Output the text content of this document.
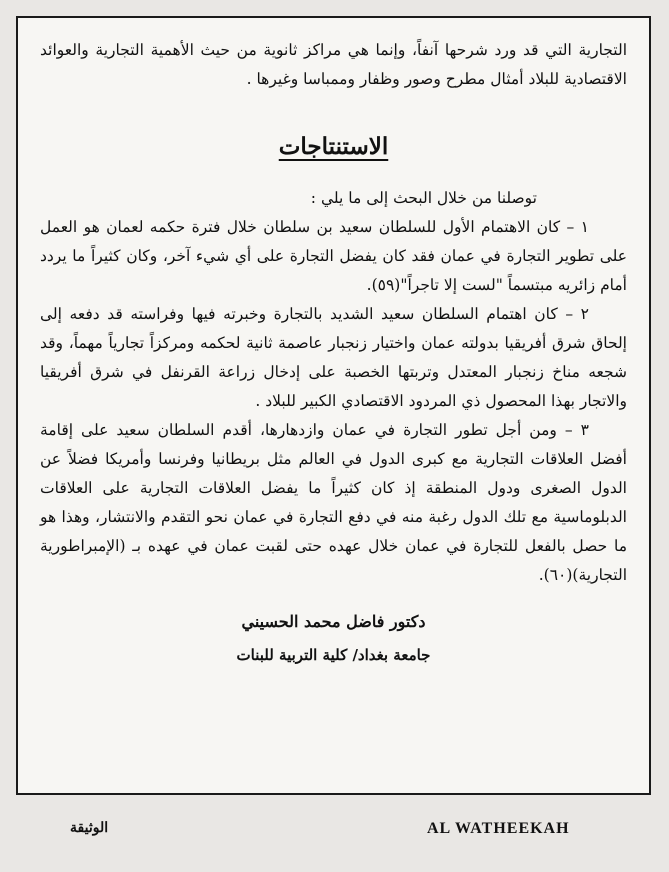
التجارية التي قد ورد شرحها آنفاً، وإنما هي مراكز ثانوية من حيث الأهمية التجارية والعوائد الاقتصادية للبلاد أمثال مطرح وصور وظفار وممباسا وغيرها .

الاستنتاجات

توصلنا من خلال البحث إلى ما يلي :

١ – كان الاهتمام الأول للسلطان سعيد بن سلطان خلال فترة حكمه لعمان هو العمل على تطوير التجارة في عمان فقد كان يفضل التجارة على أي شيء آخر، وكان كثيراً ما يردد أمام زائريه مبتسماً "لست إلا تاجراً"(٥٩).

٢ – كان اهتمام السلطان سعيد الشديد بالتجارة وخبرته فيها وفراسته قد دفعه إلى إلحاق شرق أفريقيا بدولته عمان واختيار زنجبار عاصمة ثانية لحكمه ومركزاً تجارياً مهماً، وقد شجعه مناخ زنجبار المعتدل وتربتها الخصبة على إدخال زراعة القرنفل في شرق أفريقيا والاتجار بهذا المحصول ذي المردود الاقتصادي الكبير للبلاد .

٣ – ومن أجل تطور التجارة في عمان وازدهارها، أقدم السلطان سعيد على إقامة أفضل العلاقات التجارية مع كبرى الدول في العالم مثل بريطانيا وفرنسا وأمريكا فضلاً عن الدول الصغرى ودول المنطقة إذ كان كثيراً ما يفضل العلاقات التجارية على العلاقات الدبلوماسية مع تلك الدول رغبة منه في دفع التجارة في عمان نحو التقدم والانتشار، وهذا هو ما حصل بالفعل للتجارة في عمان خلال عهده حتى لقبت عمان في عهده بـ (الإمبراطورية التجارية)(٦٠).

دكتور فاضل محمد الحسيني

جامعة بغداد/ كلية التربية للبنات

AL WATHEEKAH
الوثيقة
